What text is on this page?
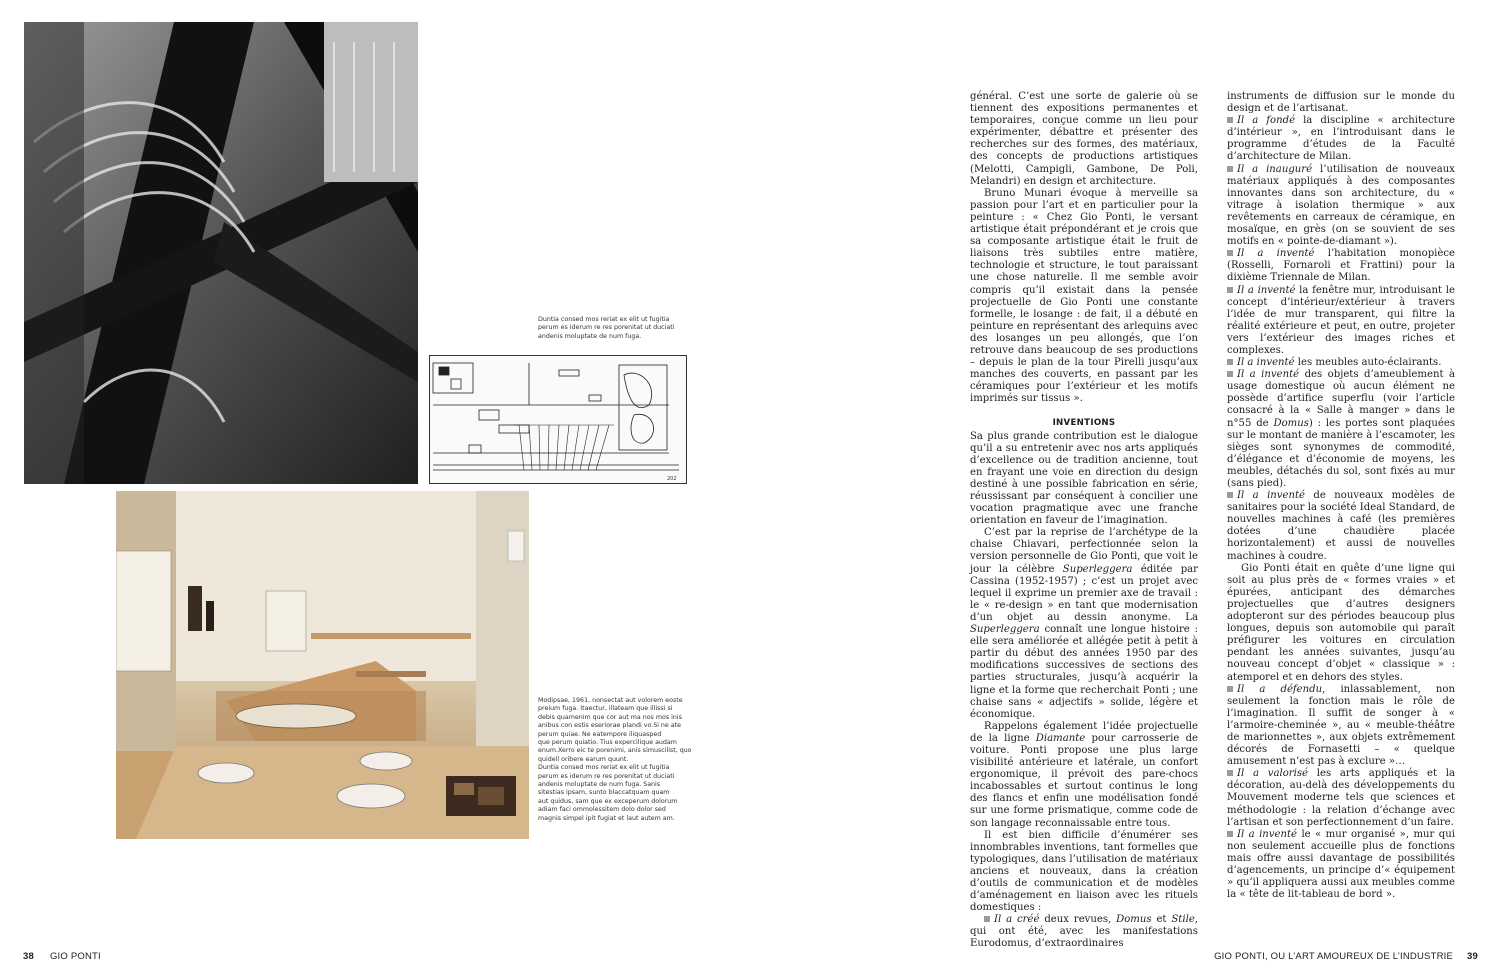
Duntia consed mos reriat ex elit ut fugitia
perum es iderum re res porenitat ut duciati
andenis moluptate de num fuga.
202
Modipsae, 1961, nonsectat aut volorem eoste
preium fuga. Itaectur, illateam que illissi si
debis quamenim que cor aut ma nos mos inis
anibus con estis eseriorae plandi vo.Si ne ate
perum quiae. Ne eatempore iliquasped
que perum quiatio. Tius expercilique audam
enum.Xerro eic te porenimi, anis simuscilist, quo
quidell oribere earum quunt.
Duntia consed mos reriat ex elit ut fugitia
perum es iderum re res porenitat ut duciati
andenis moluptate de num fuga. Sanis
sitestias ipsam, sunto blaccatquam quam
aut quidus, sam que ex exceperum dolorum
adiam faci ommolessitem dolo dolor sed
magnis simpel ipit fugiat et laut autem am.

général. C’est une sorte de galerie où se tiennent des expositions permanentes et temporaires, conçue comme un lieu pour expérimenter, débattre et présenter des recherches sur des formes, des matériaux, des concepts de productions artistiques (Melotti, Campigli, Gambone, De Poli, Melandri) en design et architecture.

Bruno Munari évoque à merveille sa passion pour l’art et en particulier pour la peinture : « Chez Gio Ponti, le versant artistique était prépondérant et je crois que sa composante artistique était le fruit de liaisons très subtiles entre matière, technologie et structure, le tout paraissant une chose naturelle. Il me semble avoir compris qu’il existait dans la pensée projectuelle de Gio Ponti une constante formelle, le losange : de fait, il a débuté en peinture en représentant des arlequins avec des losanges un peu allongés, que l’on retrouve dans beaucoup de ses productions – depuis le plan de la tour Pirelli jusqu’aux manches des couverts, en passant par les céramiques pour l’extérieur et les motifs imprimés sur tissus ».

INVENTIONS

Sa plus grande contribution est le dialogue qu’il a su entretenir avec nos arts appliqués d’excellence ou de tradition ancienne, tout en frayant une voie en direction du design destiné à une possible fabrication en série, réussissant par conséquent à concilier une vocation pragmatique avec une franche orientation en faveur de l’imagination.

C’est par la reprise de l’archétype de la chaise Chiavari, perfectionnée selon la version personnelle de Gio Ponti, que voit le jour la célèbre Superleggera éditée par Cassina (1952-1957) ; c’est un projet avec lequel il exprime un premier axe de travail : le « re-design » en tant que modernisation d’un objet au dessin anonyme. La Superleggera connaît une longue histoire : elle sera améliorée et allégée petit à petit à partir du début des années 1950 par des modifications successives de sections des parties structurales, jusqu’à acquérir la ligne et la forme que recherchait Ponti ; une chaise sans « adjectifs » solide, légère et économique.

Rappelons également l’idée projectuelle de la ligne Diamante pour carrosserie de voiture. Ponti propose une plus large visibilité antérieure et latérale, un confort ergonomique, il prévoit des pare-chocs incabossables et surtout continus le long des flancs et enfin une modélisation fondé sur une forme prismatique, comme code de son langage reconnaissable entre tous.

Il est bien difficile d’énumérer ses innombrables inventions, tant formelles que typologiques, dans l’utilisation de matériaux anciens et nouveaux, dans la création d’outils de communication et de modèles d’aménagement en liaison avec les rituels domestiques :

Il a créé deux revues, Domus et Stile, qui ont été, avec les manifestations Eurodomus, d’extraordinaires

instruments de diffusion sur le monde du design et de l’artisanat.

Il a fondé la discipline « architecture d’intérieur », en l’introduisant dans le programme d’études de la Faculté d’architecture de Milan.

Il a inauguré l’utilisation de nouveaux matériaux appliqués à des composantes innovantes dans son architecture, du « vitrage à isolation thermique » aux revêtements en carreaux de céramique, en mosaïque, en grès (on se souvient de ses motifs en « pointe-de-diamant »).

Il a inventé l’habitation monopièce (Rosselli, Fornaroli et Frattini) pour la dixième Triennale de Milan.

Il a inventé la fenêtre mur, introduisant le concept d’intérieur/extérieur à travers l’idée de mur transparent, qui filtre la réalité extérieure et peut, en outre, projeter vers l’extérieur des images riches et complexes.

Il a inventé les meubles auto-éclairants.

Il a inventé des objets d’ameublement à usage domestique où aucun élément ne possède d’artifice superflu (voir l’article consacré à la « Salle à manger » dans le n°55 de Domus) : les portes sont plaquées sur le montant de manière à l’escamoter, les sièges sont synonymes de commodité, d’élégance et d’économie de moyens, les meubles, détachés du sol, sont fixés au mur (sans pied).

Il a inventé de nouveaux modèles de sanitaires pour la société Ideal Standard, de nouvelles machines à café (les premières dotées d’une chaudière placée horizontalement) et aussi de nouvelles machines à coudre.

Gio Ponti était en quête d’une ligne qui soit au plus près de « formes vraies » et épurées, anticipant des démarches projectuelles que d’autres designers adopteront sur des périodes beaucoup plus longues, depuis son automobile qui paraît préfigurer les voitures en circulation pendant les années suivantes, jusqu’au nouveau concept d’objet « classique » : atemporel et en dehors des styles.

Il a défendu, inlassablement, non seulement la fonction mais le rôle de l’imagination. Il suffit de songer à « l’armoire-cheminée », au « meuble-théâtre de marionnettes », aux objets extrêmement décorés de Fornasetti – « quelque amusement n’est pas à exclure »…

Il a valorisé les arts appliqués et la décoration, au-delà des développements du Mouvement moderne tels que sciences et méthodologie : la relation d’échange avec l’artisan et son perfectionnement d’un faire.

Il a inventé le « mur organisé », mur qui non seulement accueille plus de fonctions mais offre aussi davantage de possibilités d’agencements, un principe d’« équipement » qu’il appliquera aussi aux meubles comme la « tête de lit-tableau de bord ».

38 GIO PONTI	GIO PONTI, OU L’ART AMOUREUX DE L’INDUSTRIE 39
